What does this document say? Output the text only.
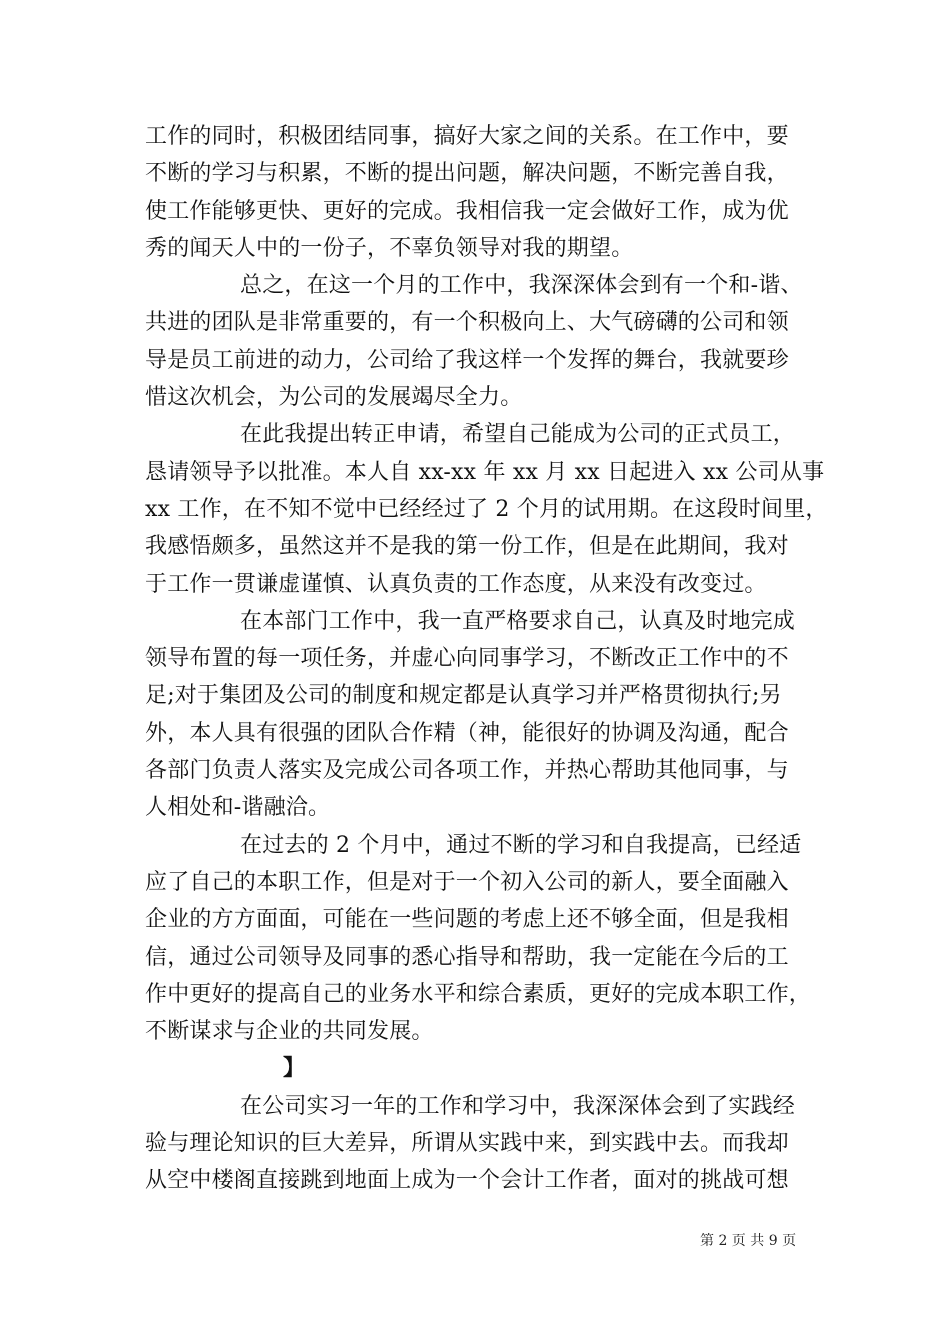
工作的同时，积极团结同事，搞好大家之间的关系。在工作中，要
不断的学习与积累，不断的提出问题，解决问题，不断完善自我，
使工作能够更快、更好的完成。我相信我一定会做好工作，成为优
秀的闻天人中的一份子，不辜负领导对我的期望。
总之，在这一个月的工作中，我深深体会到有一个和-谐、
共进的团队是非常重要的，有一个积极向上、大气磅礴的公司和领
导是员工前进的动力，公司给了我这样一个发挥的舞台，我就要珍
惜这次机会，为公司的发展竭尽全力。
在此我提出转正申请，希望自己能成为公司的正式员工，
恳请领导予以批准。本人自 xx-xx 年 xx 月 xx 日起进入 xx 公司从事
xx 工作，在不知不觉中已经经过了 2 个月的试用期。在这段时间里，
我感悟颇多，虽然这并不是我的第一份工作，但是在此期间，我对
于工作一贯谦虚谨慎、认真负责的工作态度，从来没有改变过。
在本部门工作中，我一直严格要求自己，认真及时地完成
领导布置的每一项任务，并虚心向同事学习，不断改正工作中的不
足;对于集团及公司的制度和规定都是认真学习并严格贯彻执行;另
外，本人具有很强的团队合作精（神，能很好的协调及沟通，配合
各部门负责人落实及完成公司各项工作，并热心帮助其他同事，与
人相处和-谐融洽。
在过去的 2 个月中，通过不断的学习和自我提高，已经适
应了自己的本职工作，但是对于一个初入公司的新人，要全面融入
企业的方方面面，可能在一些问题的考虑上还不够全面，但是我相
信，通过公司领导及同事的悉心指导和帮助，我一定能在今后的工
作中更好的提高自己的业务水平和综合素质，更好的完成本职工作，
不断谋求与企业的共同发展。
】
在公司实习一年的工作和学习中，我深深体会到了实践经
验与理论知识的巨大差异，所谓从实践中来，到实践中去。而我却
从空中楼阁直接跳到地面上成为一个会计工作者，面对的挑战可想
第 2 页 共 9 页
